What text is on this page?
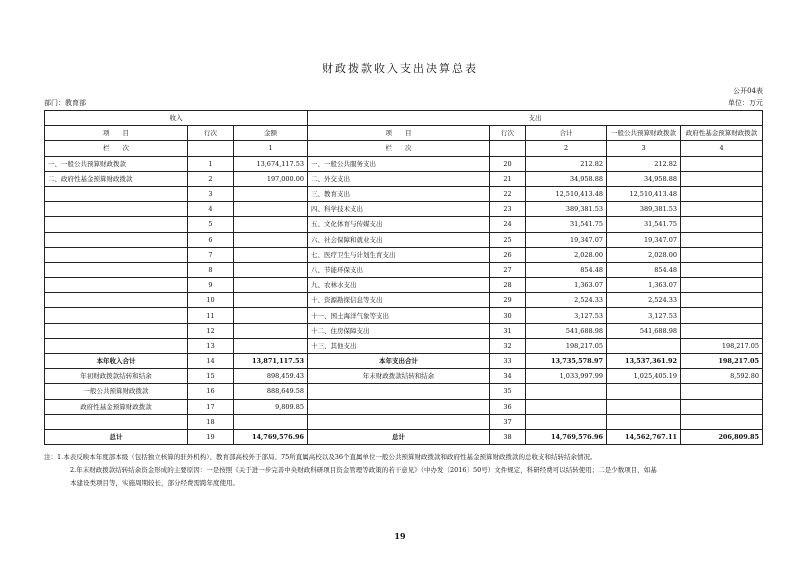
财政拨款收入支出决算总表
公开04表
部门：教育部	单位：万元
收入			支出				
项　　目	行次	金额	项　　目	行次	合计	一般公共预算财政拨款	政府性基金预算财政拨款
栏　　次		1	栏　　次		2	3	4
一、一般公共预算财政拨款	1	13,674,117.53	一、一般公共服务支出	20	212.82	212.82	
二、政府性基金预算财政拨款	2	197,000.00	二、外交支出	21	34,958.88	34,958.88	
	3		三、教育支出	22	12,510,413.48	12,510,413.48	
	4		四、科学技术支出	23	389,381.53	389,381.53	
	5		五、文化体育与传媒支出	24	31,541.75	31,541.75	
	6		六、社会保障和就业支出	25	19,347.07	19,347.07	
	7		七、医疗卫生与计划生育支出	26	2,028.00	2,028.00	
	8		八、节能环保支出	27	854.48	854.48	
	9		九、农林水支出	28	1,363.07	1,363.07	
	10		十、资源勘探信息等支出	29	2,524.33	2,524.33	
	11		十一、国土海洋气象等支出	30	3,127.53	3,127.53	
	12		十二、住房保障支出	31	541,688.98	541,688.98	
	13		十三、其他支出	32	198,217.05		198,217.05
本年收入合计	14	13,871,117.53	本年支出合计	33	13,735,578.97	13,537,361.92	198,217.05
年初财政拨款结转和结余	15	898,459.43	年末财政拨款结转和结余	34	1,033,997.99	1,025,405.19	8,592.80
一般公共预算财政拨款	16	888,649.58		35			
政府性基金预算财政拨款	17	9,809.85		36			
	18			37			
总计	19	14,769,576.96	总计	38	14,769,576.96	14,562,767.11	206,809.85
注：1.本表反映本年度部本级（包括独立核算的驻外机构）、教育部高校外于部局、75所直属高校以及36个直属单位一般公共预算财政拨款和政府性基金预算财政拨款的总收支和结转结余情况。
2.年末财政拨款结转结余资金形成的主要原因：一是按照《关于进一步完善中央财政科研项目资金管理等政策的若干意见》（中办发〔2016〕50号）文件规定，科研经费可以结转使用；二是少数项目，如基
本建设类项目等，实施周期较长，部分经费需跨年度使用。
19
